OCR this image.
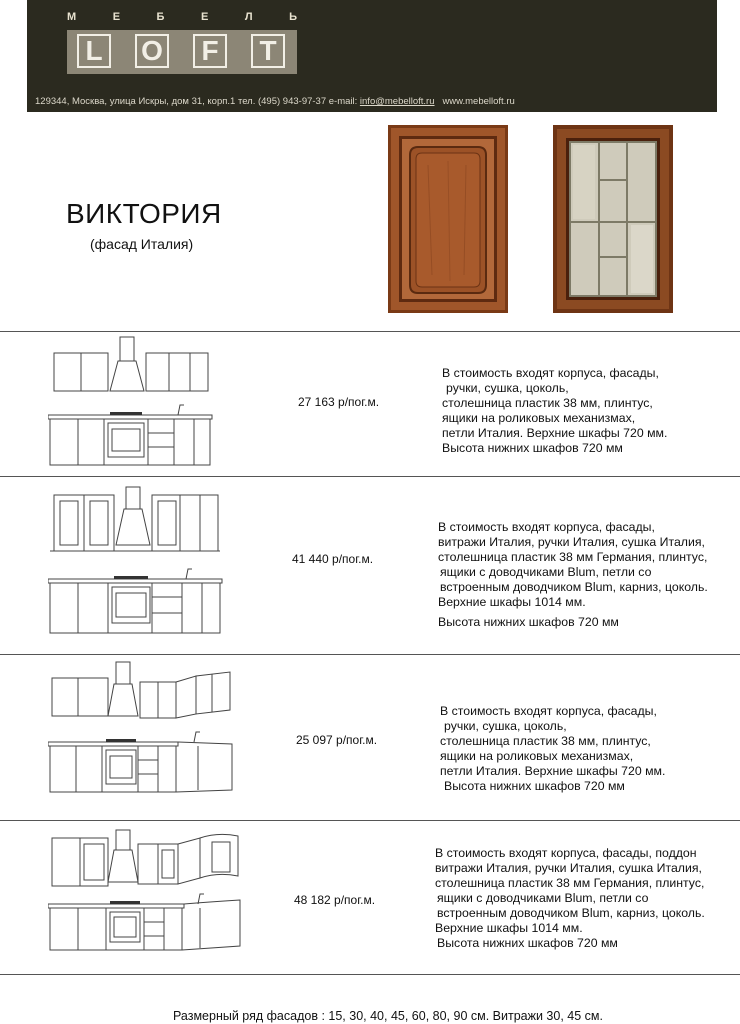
М	Е	Б	Е	Л	Ь
L	O	F	T
129344, Москва, улица Искры, дом 31, корп.1 тел. (495) 943-97-37 e-mail: info@mebelloft.ru www.mebelloft.ru
ВИКТОРИЯ
(фасад Италия)
27 163 р/пог.м.
В стоимость входят корпуса, фасады,
ручки, сушка, цоколь,
столешница пластик 38 мм, плинтус,
ящики на роликовых механизмах,
петли Италия. Верхние шкафы 720 мм.
Высота нижних шкафов 720 мм
41 440 р/пог.м.
В стоимость входят корпуса, фасады,
витражи Италия, ручки Италия, сушка Италия,
столешница пластик 38 мм Германия, плинтус,
ящики с доводчиками Blum, петли со
встроенным доводчиком Blum, карниз, цоколь.
Верхние шкафы 1014 мм.
Высота нижних шкафов 720 мм
25 097 р/пог.м.
В стоимость входят корпуса, фасады,
ручки, сушка, цоколь,
столешница пластик 38 мм, плинтус,
ящики на роликовых механизмах,
петли Италия. Верхние шкафы 720 мм.
Высота нижних шкафов 720 мм
48 182 р/пог.м.
В стоимость входят корпуса, фасады, поддон
витражи Италия, ручки Италия, сушка Италия,
столешница пластик 38 мм Германия, плинтус,
ящики с доводчиками Blum, петли со
встроенным доводчиком Blum, карниз, цоколь.
Верхние шкафы 1014 мм.
Высота нижних шкафов 720 мм
Размерный ряд фасадов : 15, 30, 40, 45, 60, 80, 90 см. Витражи 30, 45 см.
